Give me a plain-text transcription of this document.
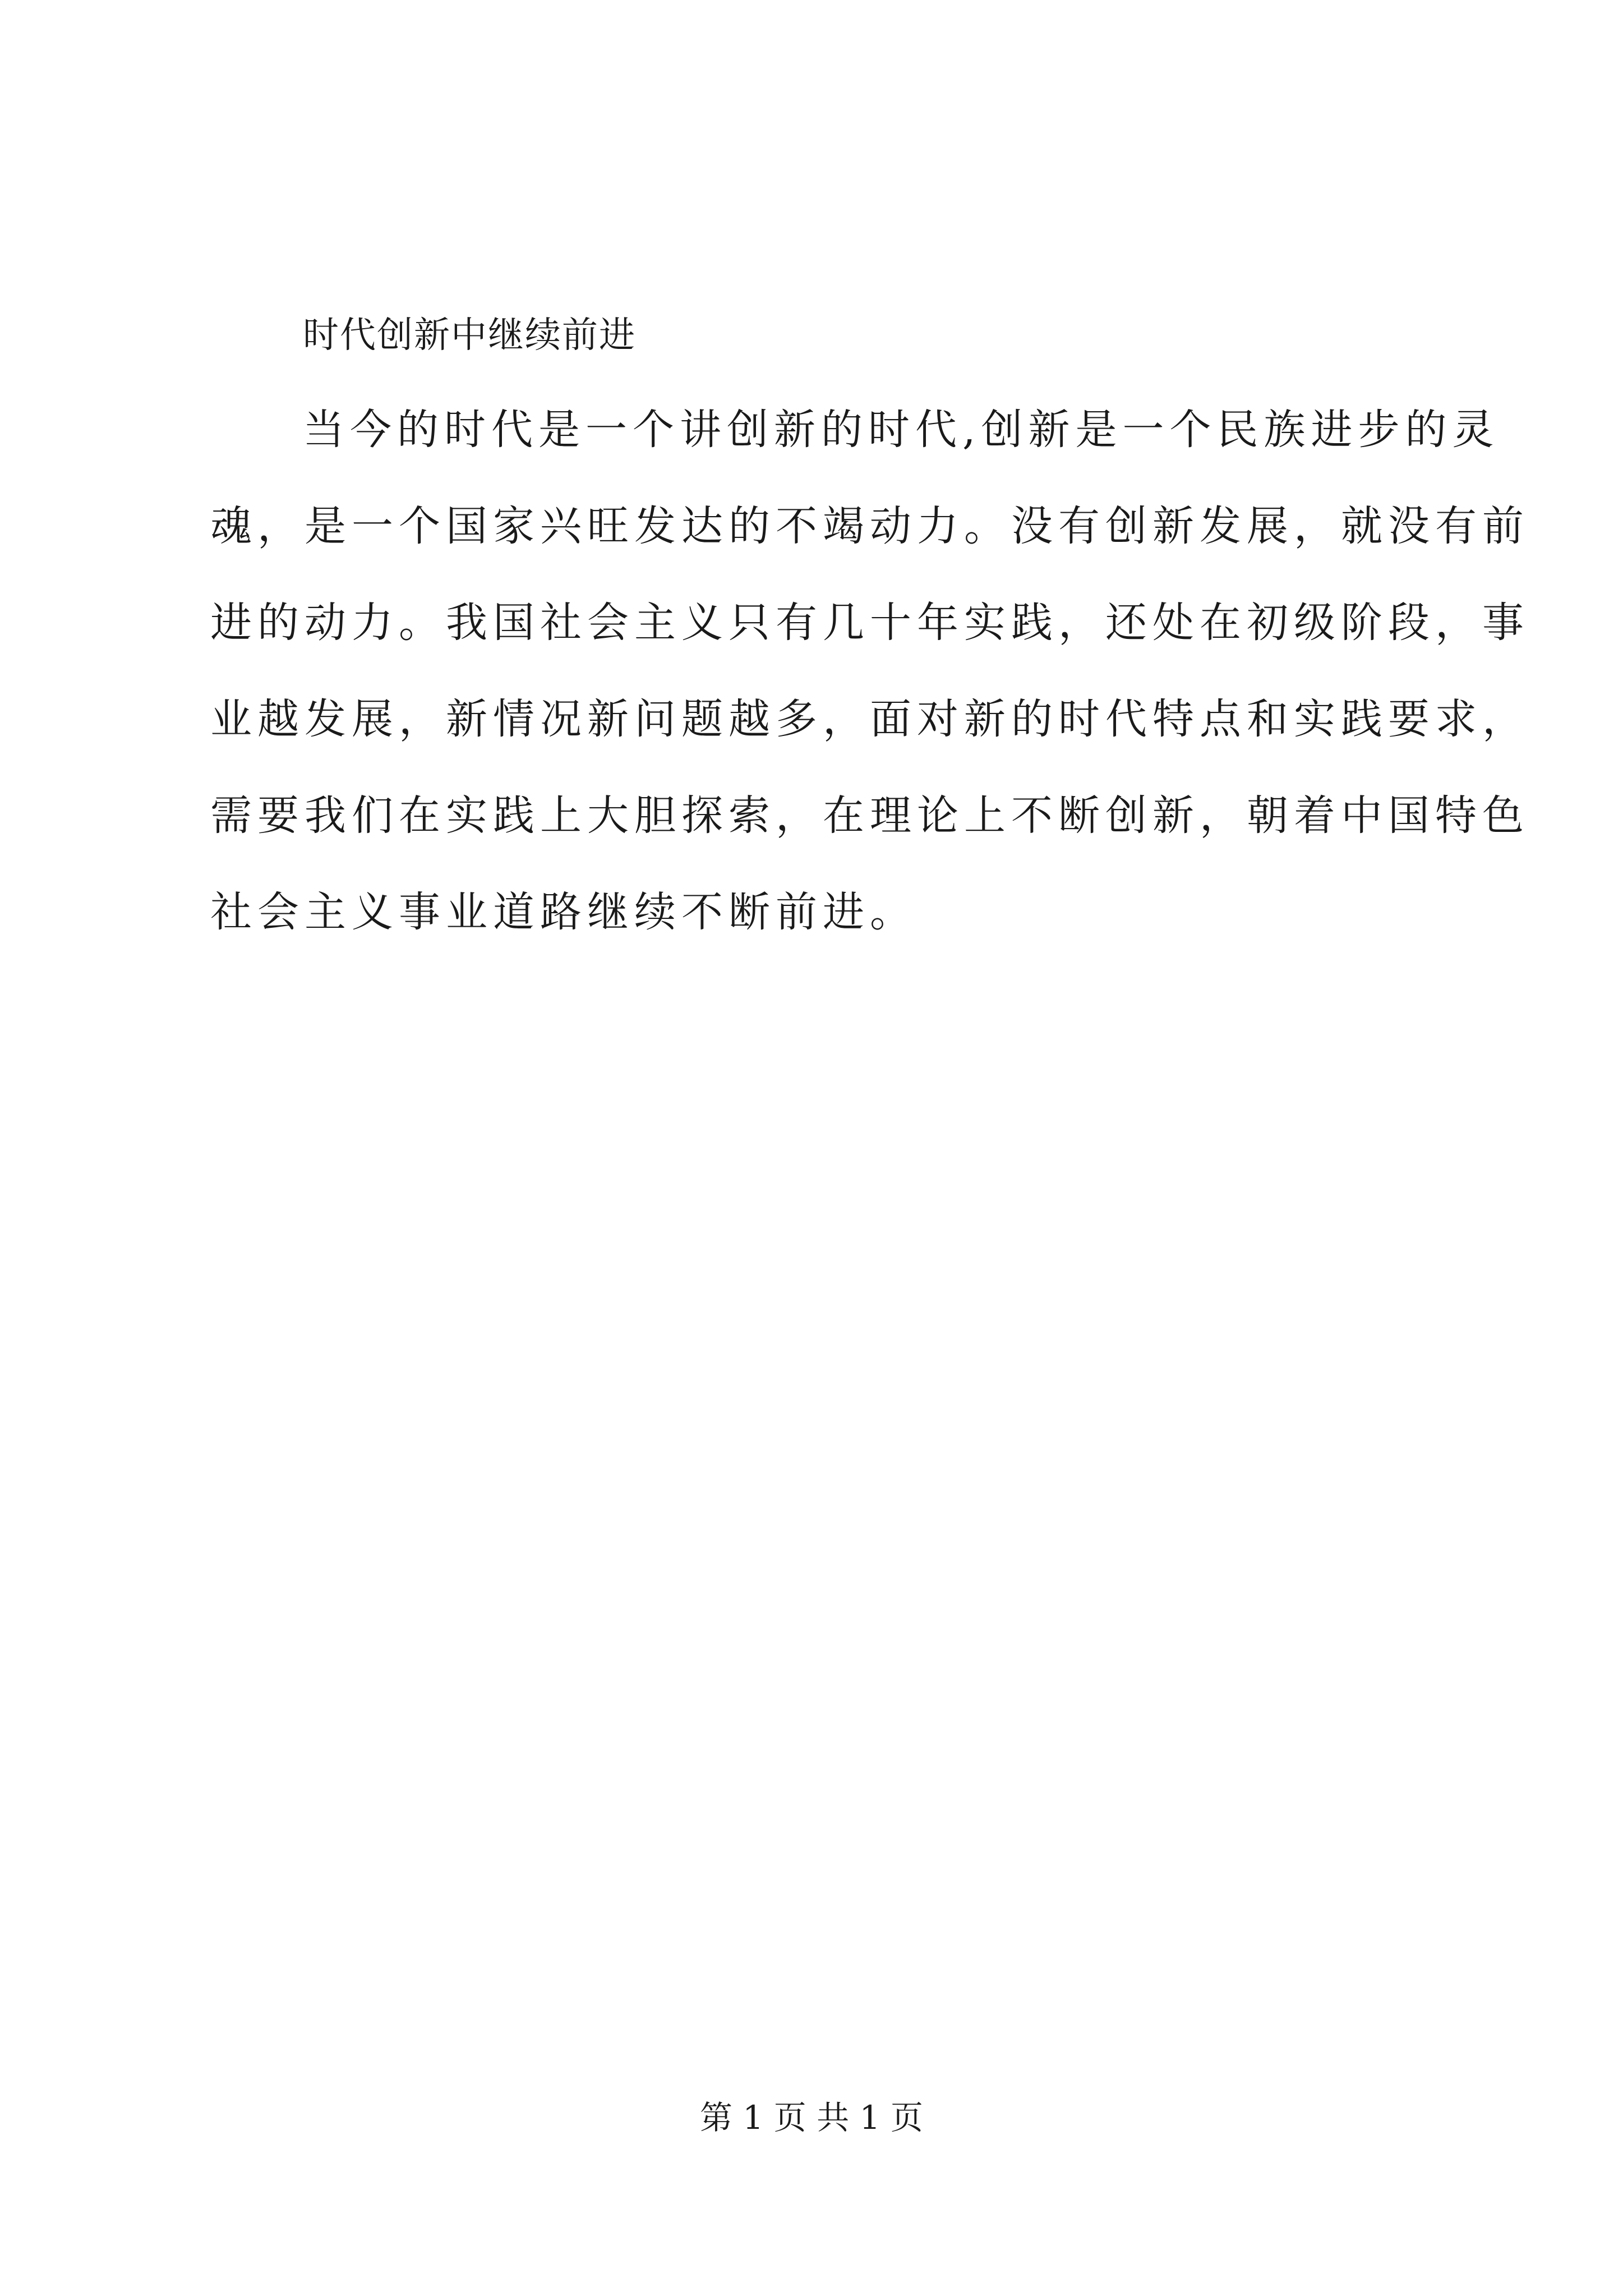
时代创新中继续前进
当今的时代是一个讲创新的时代,创新是一个民族进步的灵
魂，是一个国家兴旺发达的不竭动力。没有创新发展，就没有前
进的动力。我国社会主义只有几十年实践，还处在初级阶段，事
业越发展，新情况新问题越多，面对新的时代特点和实践要求，
需要我们在实践上大胆探索，在理论上不断创新，朝着中国特色
社会主义事业道路继续不断前进。
第 1 页 共 1 页
